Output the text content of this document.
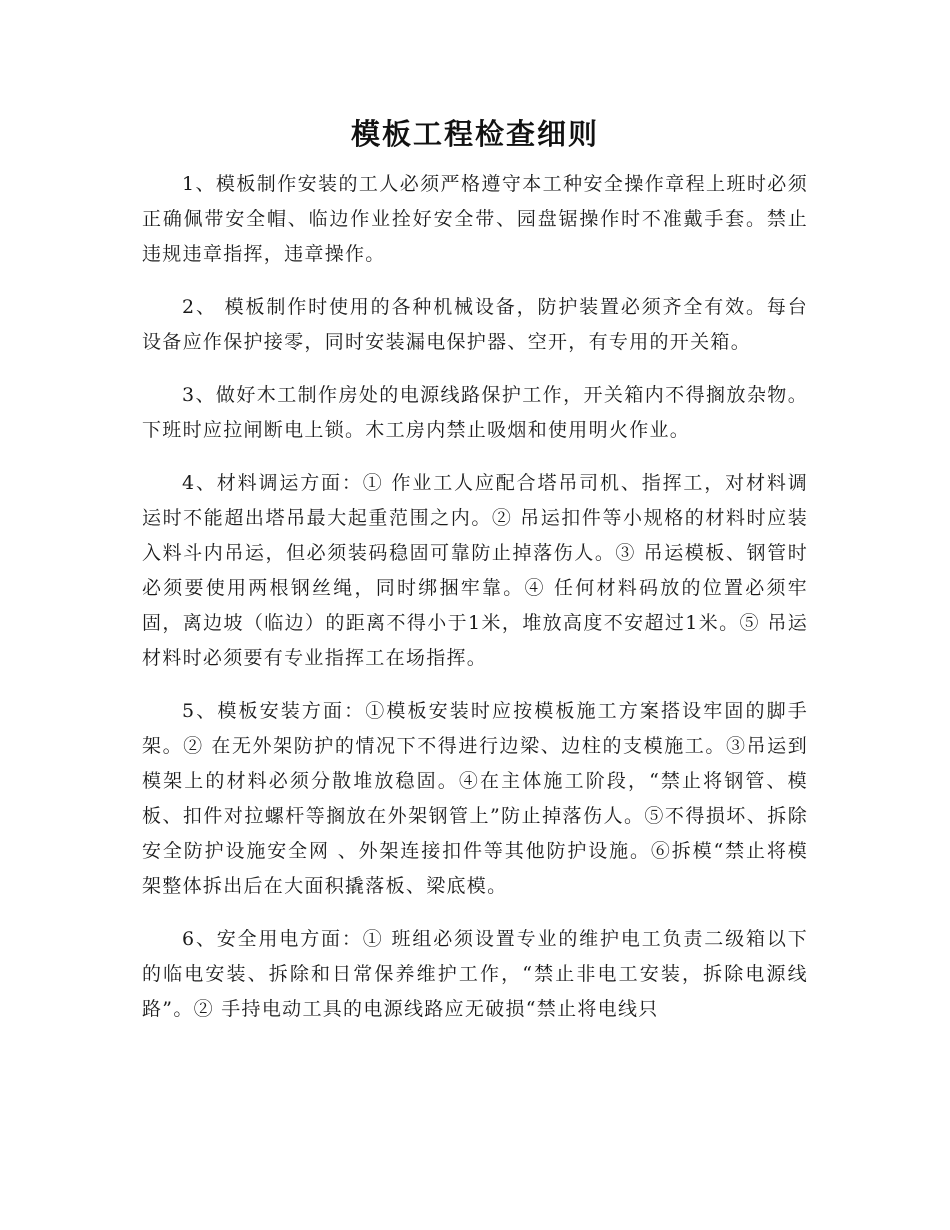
模板工程检查细则

1、模板制作安装的工人必须严格遵守本工种安全操作章程上班时必须正确佩带安全帽、临边作业拴好安全带、园盘锯操作时不准戴手套。禁止违规违章指挥，违章操作。

2、 模板制作时使用的各种机械设备，防护装置必须齐全有效。每台设备应作保护接零，同时安装漏电保护器、空开，有专用的开关箱。

3、做好木工制作房处的电源线路保护工作，开关箱内不得搁放杂物。下班时应拉闸断电上锁。木工房内禁止吸烟和使用明火作业。

4、材料调运方面：① 作业工人应配合塔吊司机、指挥工，对材料调运时不能超出塔吊最大起重范围之内。② 吊运扣件等小规格的材料时应装入料斗内吊运，但必须装码稳固可靠防止掉落伤人。③ 吊运模板、钢管时必须要使用两根钢丝绳，同时绑捆牢靠。④ 任何材料码放的位置必须牢固，离边坡（临边）的距离不得小于1米，堆放高度不安超过1米。⑤ 吊运材料时必须要有专业指挥工在场指挥。

5、模板安装方面：①模板安装时应按模板施工方案搭设牢固的脚手架。② 在无外架防护的情况下不得进行边梁、边柱的支模施工。③吊运到模架上的材料必须分散堆放稳固。④在主体施工阶段，“禁止将钢管、模板、扣件对拉螺杆等搁放在外架钢管上”防止掉落伤人。⑤不得损坏、拆除安全防护设施安全网 、外架连接扣件等其他防护设施。⑥拆模“禁止将模架整体拆出后在大面积撬落板、梁底模。

6、安全用电方面：① 班组必须设置专业的维护电工负责二级箱以下的临电安装、拆除和日常保养维护工作，“禁止非电工安装，拆除电源线路”。② 手持电动工具的电源线路应无破损“禁止将电线只
